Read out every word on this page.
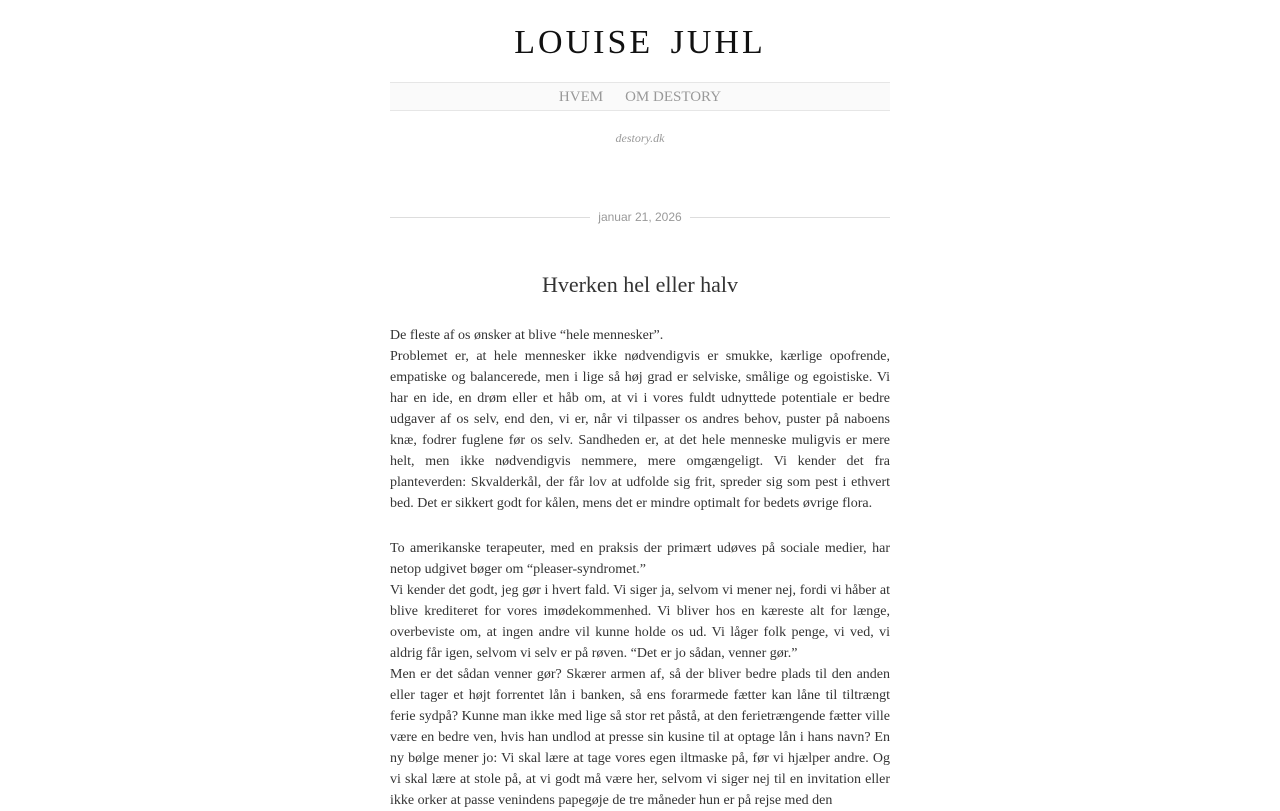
LOUISE JUHL
HVEM OM DESTORY
destory.dk
januar 21, 2026
Hverken hel eller halv

De fleste af os ønsker at blive “hele mennesker”.
Problemet er, at hele mennesker ikke nødvendigvis er smukke, kærlige opofrende, empatiske og balancerede, men i lige så høj grad er selviske, smålige og egoistiske. Vi har en ide, en drøm eller et håb om, at vi i vores fuldt udnyttede potentiale er bedre udgaver af os selv, end den, vi er, når vi tilpasser os andres behov, puster på naboens knæ, fodrer fuglene før os selv. Sandheden er, at det hele menneske muligvis er mere helt, men ikke nødvendigvis nemmere, mere omgængeligt. Vi kender det fra planteverden: Skvalderkål, der får lov at udfolde sig frit, spreder sig som pest i ethvert bed. Det er sikkert godt for kålen, mens det er mindre optimalt for bedets øvrige flora.

To amerikanske terapeuter, med en praksis der primært udøves på sociale medier, har netop udgivet bøger om “pleaser-syndromet.”
Vi kender det godt, jeg gør i hvert fald. Vi siger ja, selvom vi mener nej, fordi vi håber at blive krediteret for vores imødekommenhed. Vi bliver hos en kæreste alt for længe, overbeviste om, at ingen andre vil kunne holde os ud. Vi låger folk penge, vi ved, vi aldrig får igen, selvom vi selv er på røven. “Det er jo sådan, venner gør.”
Men er det sådan venner gør? Skærer armen af, så der bliver bedre plads til den anden eller tager et højt forrentet lån i banken, så ens forarmede fætter kan låne til tiltrængt ferie sydpå? Kunne man ikke med lige så stor ret påstå, at den ferietrængende fætter ville være en bedre ven, hvis han undlod at presse sin kusine til at optage lån i hans navn? En ny bølge mener jo: Vi skal lære at tage vores egen iltmaske på, før vi hjælper andre. Og vi skal lære at stole på, at vi godt må være her, selvom vi siger nej til en invitation eller ikke orker at passe venindens papegøje de tre måneder hun er på rejse med den
